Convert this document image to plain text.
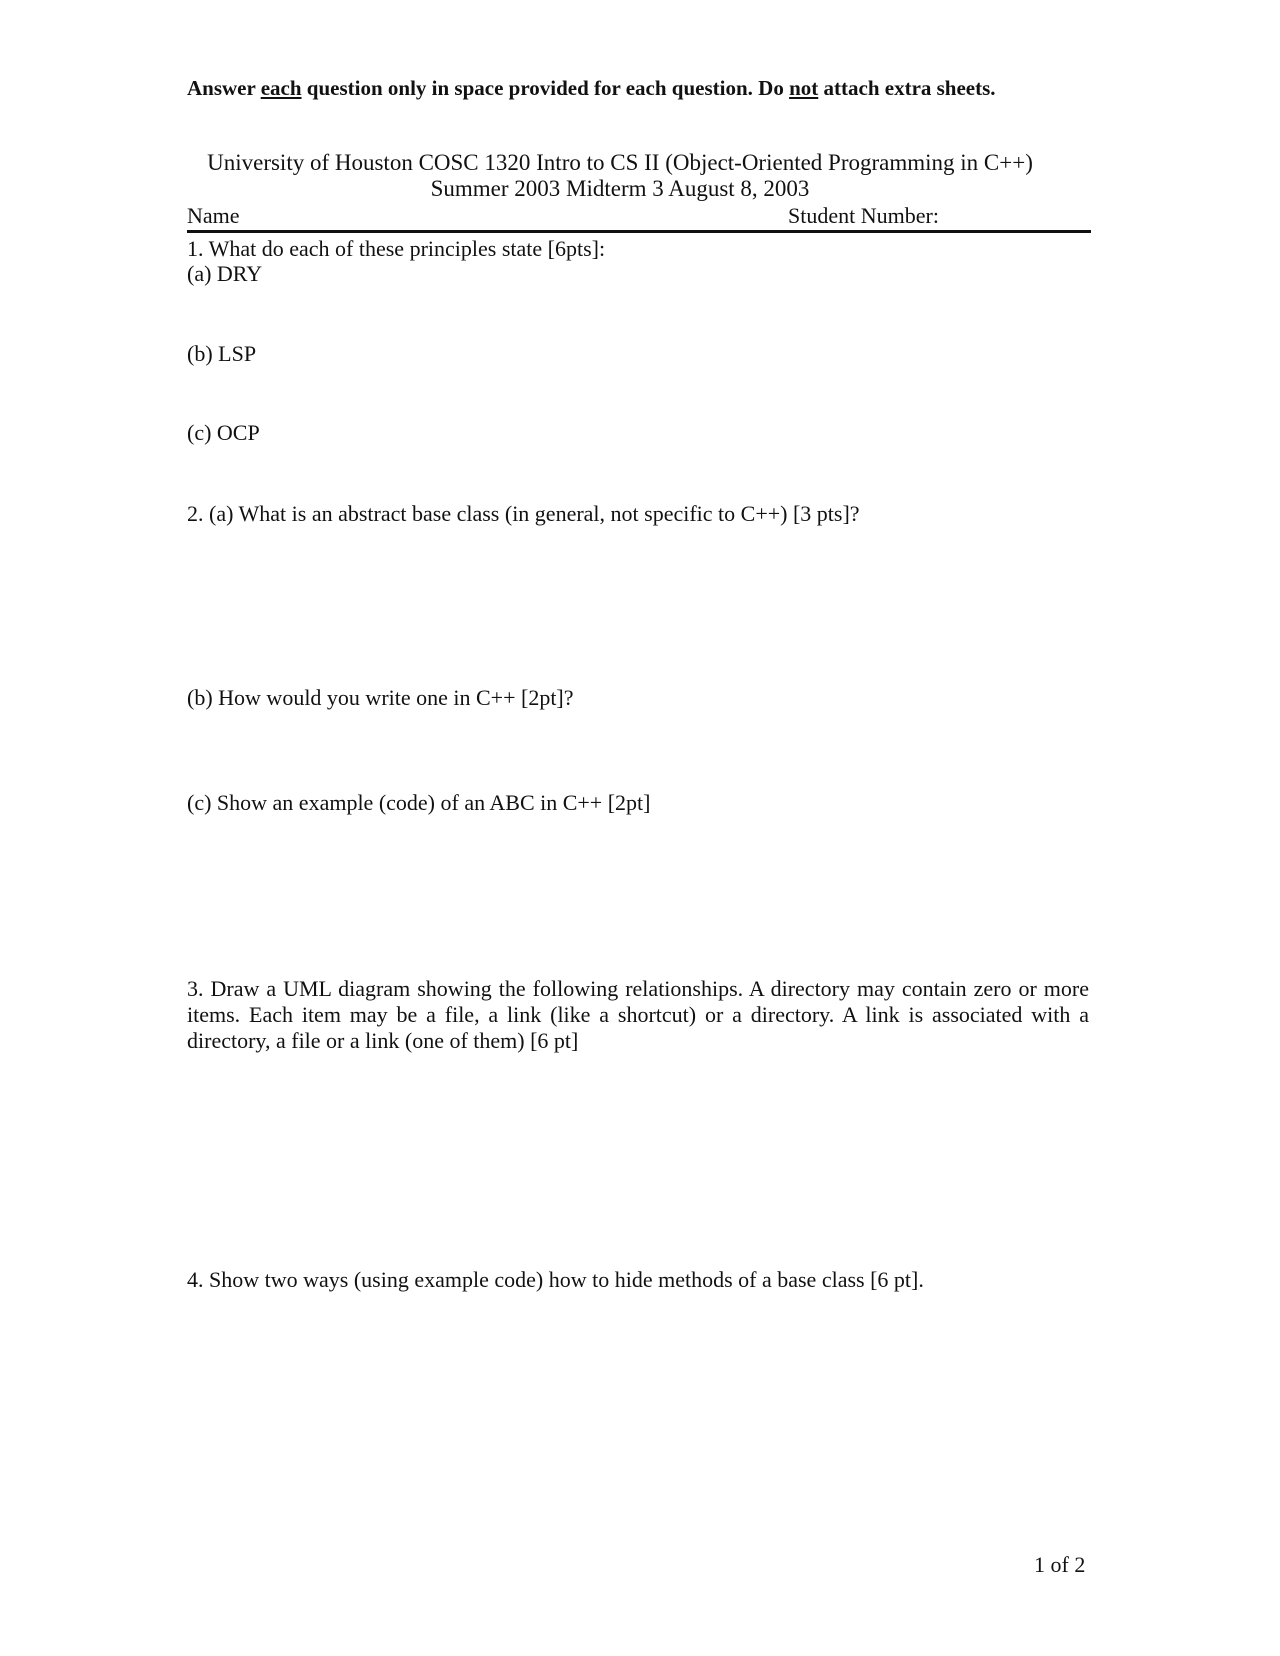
Answer each question only in space provided for each question. Do not attach extra sheets.
University of Houston COSC 1320 Intro to CS II (Object-Oriented Programming in C++)
Summer 2003 Midterm 3 August 8, 2003
Name	Student Number:
1. What do each of these principles state [6pts]:
(a) DRY
(b) LSP
(c) OCP
2. (a) What is an abstract base class (in general, not specific to C++) [3 pts]?
(b) How would you write one in C++ [2pt]?
(c) Show an example (code) of an ABC in C++ [2pt]
3. Draw a UML diagram showing the following relationships. A directory may contain zero or more items. Each item may be a file, a link (like a shortcut) or a directory. A link is associated with a directory, a file or a link (one of them) [6 pt]
4. Show two ways (using example code) how to hide methods of a base class [6 pt].
1 of 2
